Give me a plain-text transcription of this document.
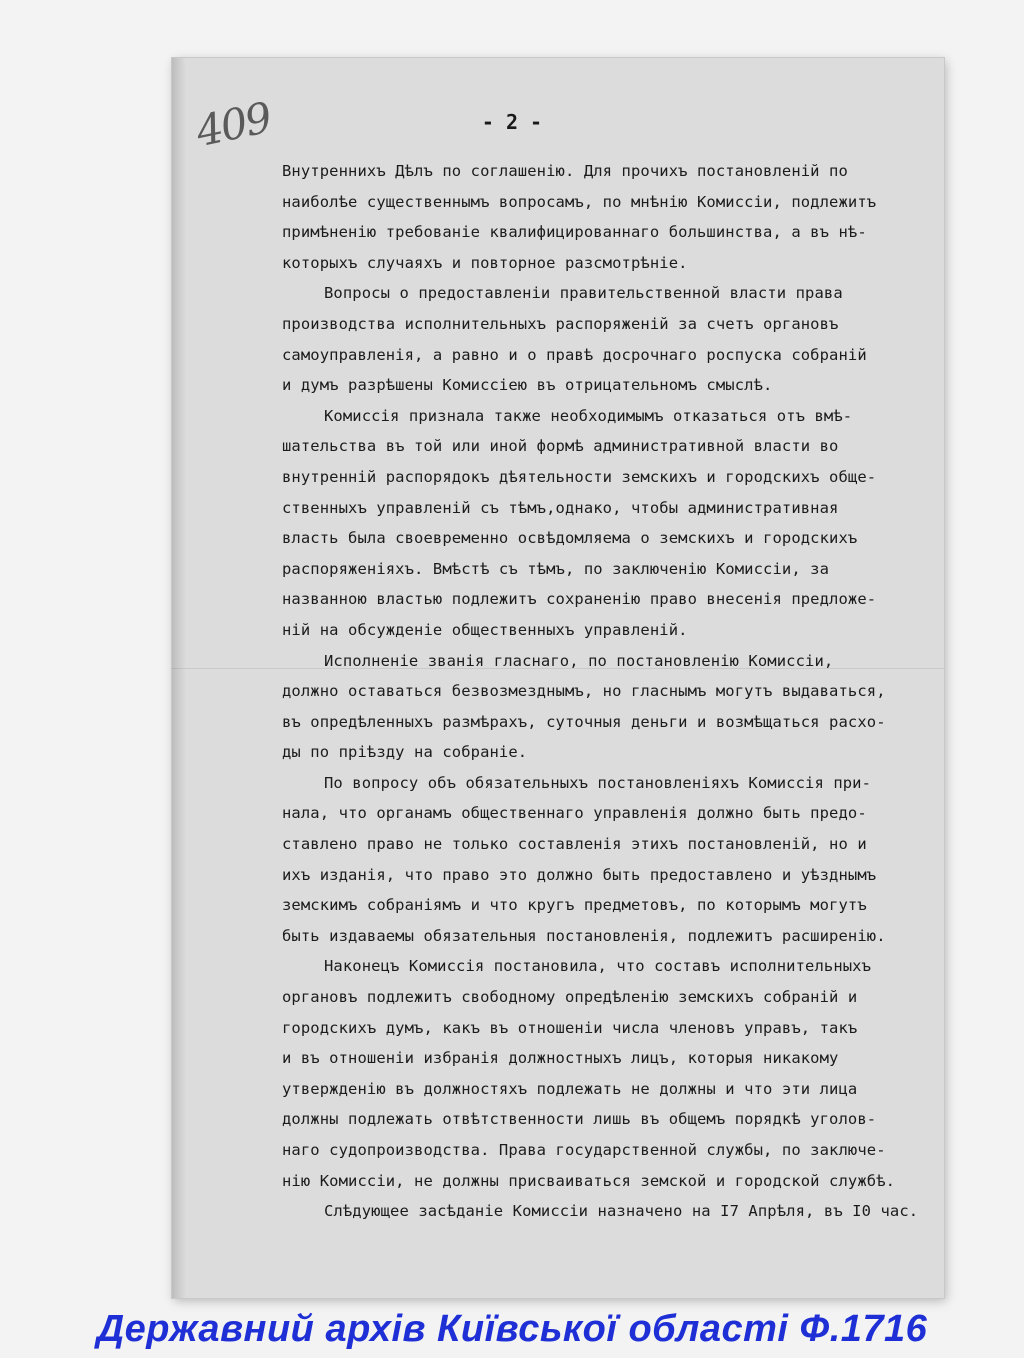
409	- 2 -
Внутреннихъ Дѣлъ по соглашенію. Для прочихъ постановленій по
наиболѣе существеннымъ вопросамъ, по мнѣнію Комиссіи, подлежитъ
примѣненію требованіе квалифицированнаго большинства, а въ нѣ-
которыхъ случаяхъ и повторное разсмотрѣніе.
Вопросы о предоставленіи правительственной власти права
производства исполнительныхъ распоряженій за счетъ органовъ
самоуправленія, а равно и о правѣ досрочнаго роспуска собраній
и думъ разрѣшены Комиссіею въ отрицательномъ смыслѣ.
Комиссія признала также необходимымъ отказаться отъ вмѣ-
шательства въ той или иной формѣ административной власти во
внутренній распорядокъ дѣятельности земскихъ и городскихъ обще-
ственныхъ управленій съ тѣмъ,однако, чтобы административная
власть была своевременно освѣдомляема о земскихъ и городскихъ
распоряженіяхъ. Вмѣстѣ съ тѣмъ, по заключенію Комиссіи, за
названною властью подлежитъ сохраненію право внесенія предложе-
ній на обсужденіе общественныхъ управленій.
Исполненіе званія гласнаго, по постановленію Комиссіи,
должно оставаться безвозмезднымъ, но гласнымъ могутъ выдаваться,
въ опредѣленныхъ размѣрахъ, суточныя деньги и возмѣщаться расхо-
ды по пріѣзду на собраніе.
По вопросу объ обязательныхъ постановленіяхъ Комиссія при-
нала, что органамъ общественнаго управленія должно быть предо-
ставлено право не только составленія этихъ постановленій, но и
ихъ изданія, что право это должно быть предоставлено и уѣзднымъ
земскимъ собраніямъ и что кругъ предметовъ, по которымъ могутъ
быть издаваемы обязательныя постановленія, подлежитъ расширенію.
Наконецъ Комиссія постановила, что составъ исполнительныхъ
органовъ подлежитъ свободному опредѣленію земскихъ собраній и
городскихъ думъ, какъ въ отношеніи числа членовъ управъ, такъ
и въ отношеніи избранія должностныхъ лицъ, которыя никакому
утвержденію въ должностяхъ подлежать не должны и что эти лица
должны подлежать отвѣтственности лишь въ общемъ порядкѣ уголов-
наго судопроизводства. Права государственной службы, по заключе-
нію Комиссіи, не должны присваиваться земской и городской службѣ.
Слѣдующее засѣданіе Комиссіи назначено на I7 Апрѣля, въ I0 час.
Державний архів Київської області Ф.1716
